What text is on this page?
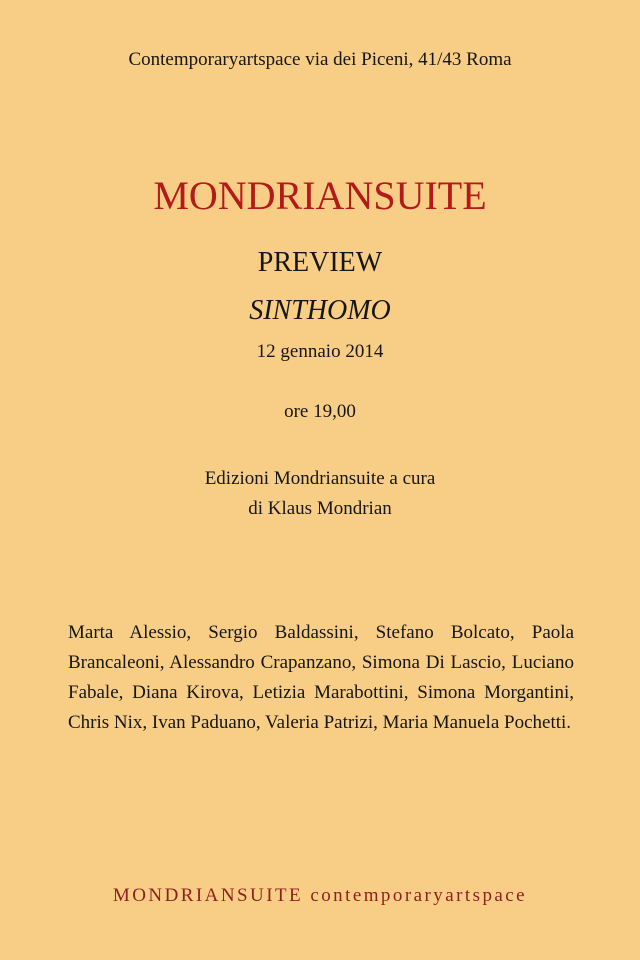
Contemporaryartspace via dei Piceni, 41/43 Roma
MONDRIANSUITE
PREVIEW
SINTHOMO
12 gennaio 2014
ore 19,00
Edizioni Mondriansuite a cura
di Klaus Mondrian
Marta Alessio, Sergio Baldassini, Stefano Bolcato, Paola Brancaleoni, Alessandro Crapanzano, Simona Di Lascio, Luciano Fabale, Diana Kirova, Letizia Marabottini, Simona Morgantini, Chris Nix, Ivan Paduano, Valeria Patrizi, Maria Manuela Pochetti.
MONDRIANSUITE contemporaryartspace
